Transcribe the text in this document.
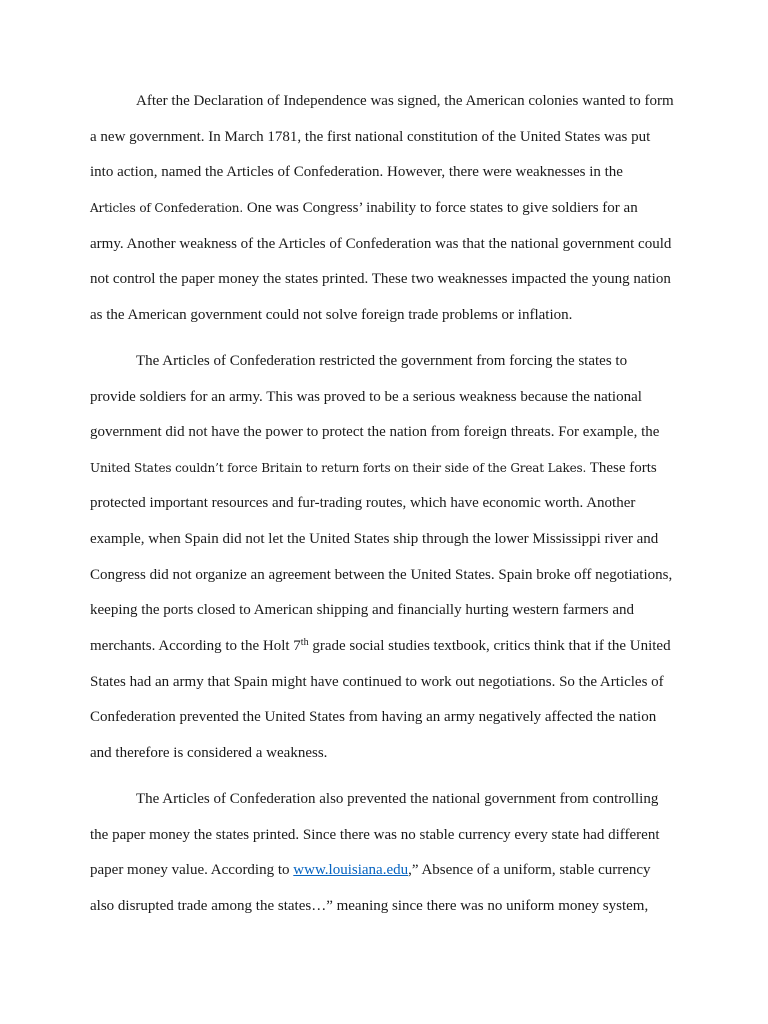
After the Declaration of Independence was signed, the American colonies wanted to form
a new government. In March 1781, the first national constitution of the United States was put
into action, named the Articles of Confederation. However, there were weaknesses in the
Articles of Confederation. One was Congress’ inability to force states to give soldiers for an
army. Another weakness of the Articles of Confederation was that the national government could
not control the paper money the states printed. These two weaknesses impacted the young nation
as the American government could not solve foreign trade problems or inflation.
The Articles of Confederation restricted the government from forcing the states to
provide soldiers for an army. This was proved to be a serious weakness because the national
government did not have the power to protect the nation from foreign threats. For example, the
United States couldn’t force Britain to return forts on their side of the Great Lakes. These forts
protected important resources and fur-trading routes, which have economic worth. Another
example, when Spain did not let the United States ship through the lower Mississippi river and
Congress did not organize an agreement between the United States. Spain broke off negotiations,
keeping the ports closed to American shipping and financially hurting western farmers and
merchants. According to the Holt 7th grade social studies textbook, critics think that if the United
States had an army that Spain might have continued to work out negotiations. So the Articles of
Confederation prevented the United States from having an army negatively affected the nation
and therefore is considered a weakness.
The Articles of Confederation also prevented the national government from controlling
the paper money the states printed. Since there was no stable currency every state had different
paper money value. According to www.louisiana.edu,” Absence of a uniform, stable currency
also disrupted trade among the states…” meaning since there was no uniform money system,
